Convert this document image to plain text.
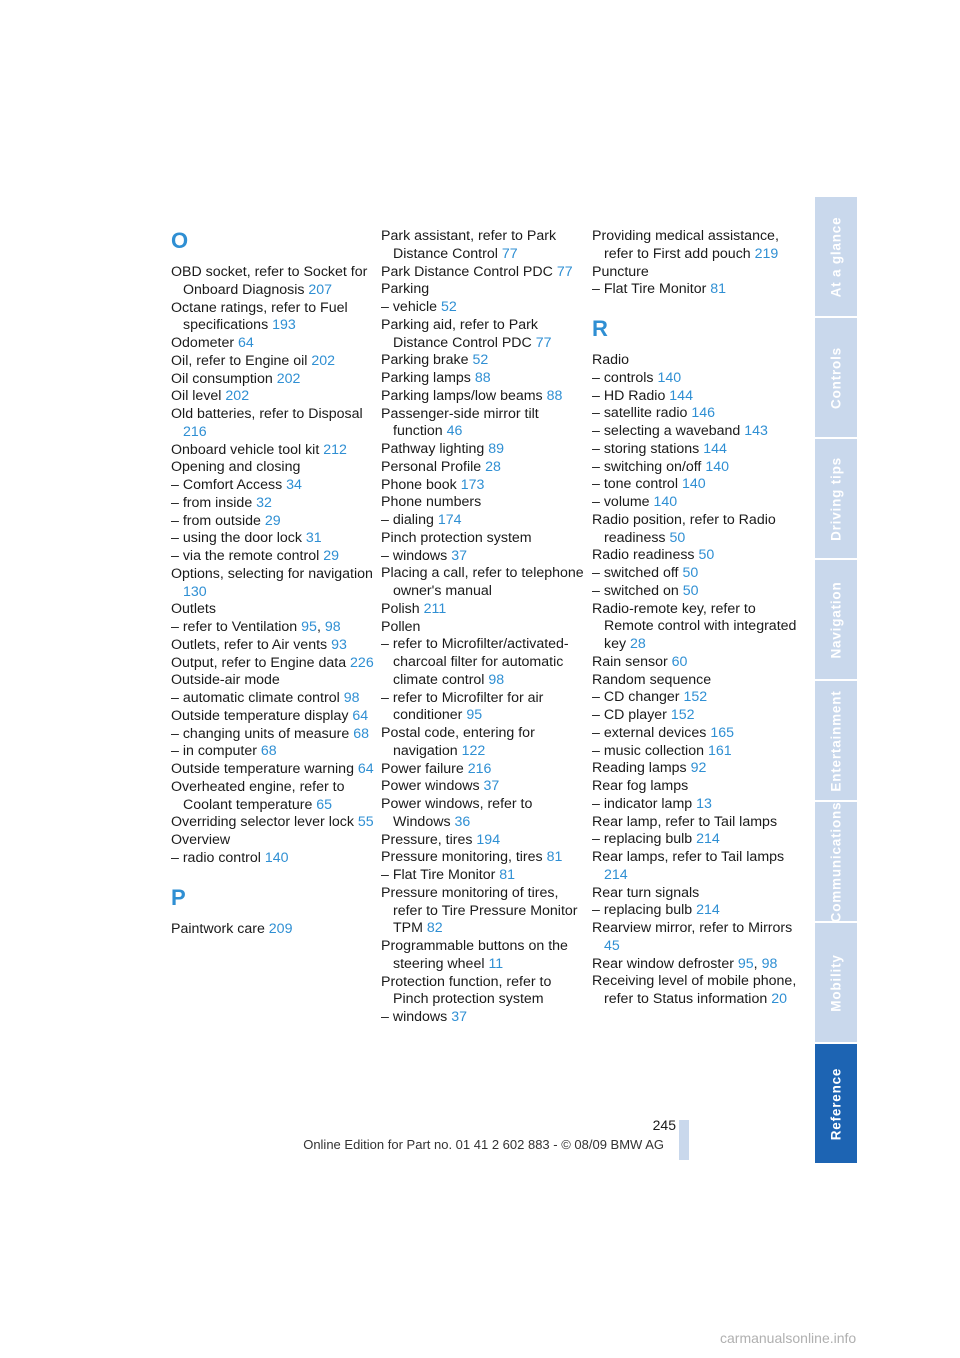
O
OBD socket, refer to Socket for Onboard Diagnosis 207
Octane ratings, refer to Fuel specifications 193
Odometer 64
Oil, refer to Engine oil 202
Oil consumption 202
Oil level 202
Old batteries, refer to Disposal 216
Onboard vehicle tool kit 212
Opening and closing
– Comfort Access 34
– from inside 32
– from outside 29
– using the door lock 31
– via the remote control 29
Options, selecting for navigation 130
Outlets
– refer to Ventilation 95, 98
Outlets, refer to Air vents 93
Output, refer to Engine data 226
Outside-air mode
– automatic climate control 98
Outside temperature display 64
– changing units of measure 68
– in computer 68
Outside temperature warning 64
Overheated engine, refer to Coolant temperature 65
Overriding selector lever lock 55
Overview
– radio control 140
P
Paintwork care 209
Park assistant, refer to Park Distance Control 77
Park Distance Control PDC 77
Parking
– vehicle 52
Parking aid, refer to Park Distance Control PDC 77
Parking brake 52
Parking lamps 88
Parking lamps/low beams 88
Passenger-side mirror tilt function 46
Pathway lighting 89
Personal Profile 28
Phone book 173
Phone numbers
– dialing 174
Pinch protection system
– windows 37
Placing a call, refer to telephone owner's manual
Polish 211
Pollen
– refer to Microfilter/activated-charcoal filter for automatic climate control 98
– refer to Microfilter for air conditioner 95
Postal code, entering for navigation 122
Power failure 216
Power windows 37
Power windows, refer to Windows 36
Pressure, tires 194
Pressure monitoring, tires 81
– Flat Tire Monitor 81
Pressure monitoring of tires, refer to Tire Pressure Monitor TPM 82
Programmable buttons on the steering wheel 11
Protection function, refer to Pinch protection system
– windows 37
Providing medical assistance, refer to First add pouch 219
Puncture
– Flat Tire Monitor 81
R
Radio
– controls 140
– HD Radio 144
– satellite radio 146
– selecting a waveband 143
– storing stations 144
– switching on/off 140
– tone control 140
– volume 140
Radio position, refer to Radio readiness 50
Radio readiness 50
– switched off 50
– switched on 50
Radio-remote key, refer to Remote control with integrated key 28
Rain sensor 60
Random sequence
– CD changer 152
– CD player 152
– external devices 165
– music collection 161
Reading lamps 92
Rear fog lamps
– indicator lamp 13
Rear lamp, refer to Tail lamps
– replacing bulb 214
Rear lamps, refer to Tail lamps 214
Rear turn signals
– replacing bulb 214
Rearview mirror, refer to Mirrors 45
Rear window defroster 95, 98
Receiving level of mobile phone, refer to Status information 20
At a glance
Controls
Driving tips
Navigation
Entertainment
Communications
Mobility
Reference
245
Online Edition for Part no. 01 41 2 602 883 - © 08/09 BMW AG
carmanualsonline.info
